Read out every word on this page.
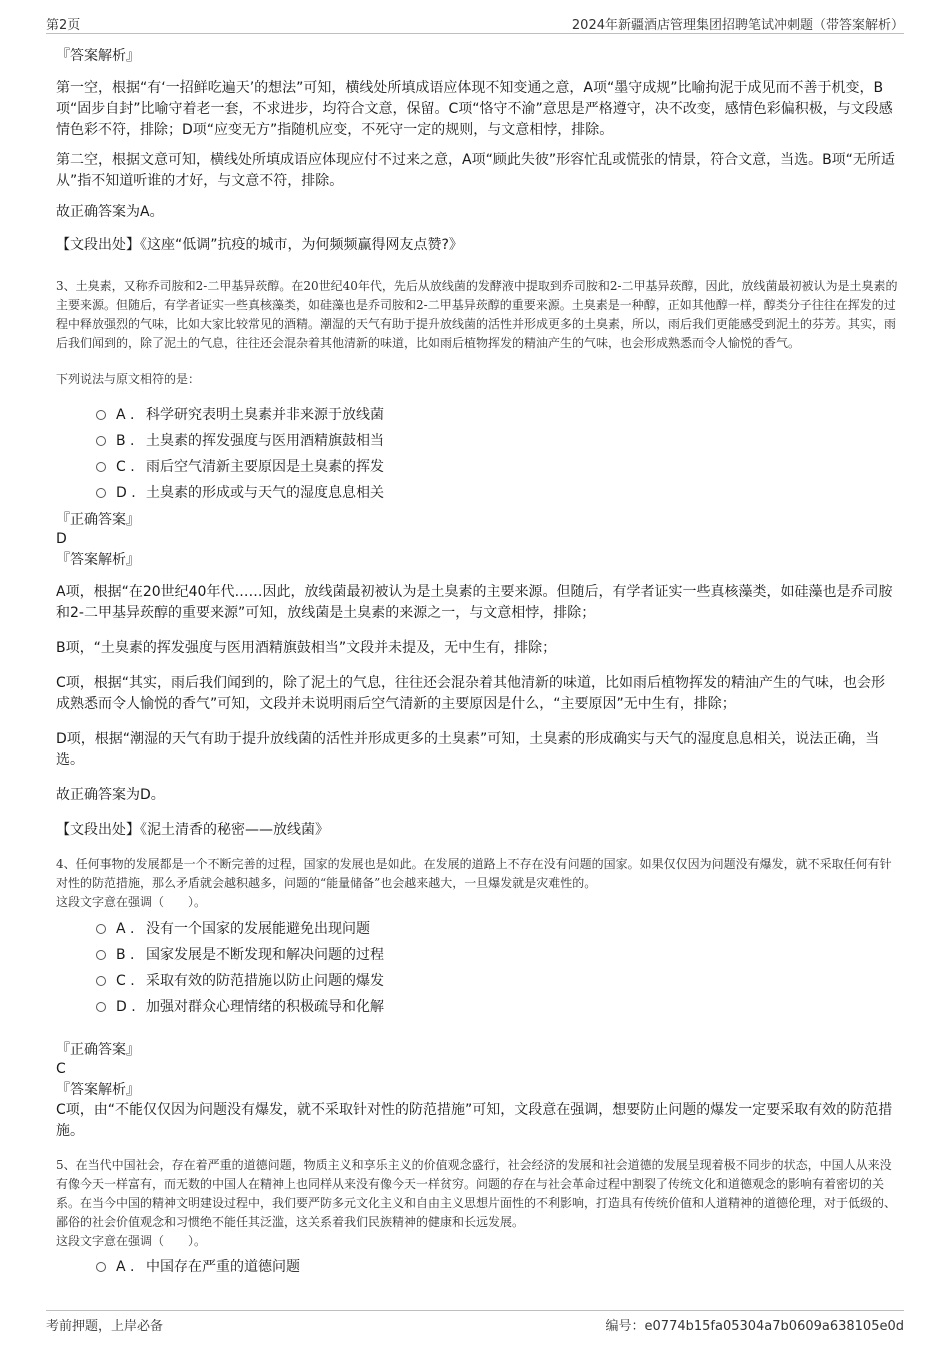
第2页	2024年新疆酒店管理集团招聘笔试冲刺题（带答案解析）
『答案解析』
第一空，根据“有‘一招鲜吃遍天’的想法”可知，横线处所填成语应体现不知变通之意，A项“墨守成规”比喻拘泥于成见而不善于机变，B项“固步自封”比喻守着老一套，不求进步，均符合文意，保留。C项“恪守不渝”意思是严格遵守，决不改变，感情色彩偏积极，与文段感情色彩不符，排除；D项“应变无方”指随机应变，不死守一定的规则，与文意相悖，排除。
第二空，根据文意可知，横线处所填成语应体现应付不过来之意，A项“顾此失彼”形容忙乱或慌张的情景，符合文意，当选。B项“无所适从”指不知道听谁的才好，与文意不符，排除。
故正确答案为A。
【文段出处】《这座“低调”抗疫的城市，为何频频赢得网友点赞?》
3、土臭素，又称乔司胺和2-二甲基异莰醇。在20世纪40年代，先后从放线菌的发酵液中提取到乔司胺和2-二甲基异莰醇，因此，放线菌最初被认为是土臭素的主要来源。但随后，有学者证实一些真核藻类，如硅藻也是乔司胺和2-二甲基异莰醇的重要来源。土臭素是一种醇，正如其他醇一样，醇类分子往往在挥发的过程中释放强烈的气味，比如大家比较常见的酒精。潮湿的天气有助于提升放线菌的活性并形成更多的土臭素，所以，雨后我们更能感受到泥土的芬芳。其实，雨后我们闻到的，除了泥土的气息，往往还会混杂着其他清新的味道，比如雨后植物挥发的精油产生的气味，也会形成熟悉而令人愉悦的香气。
下列说法与原文相符的是：
A . 科学研究表明土臭素并非来源于放线菌
B . 土臭素的挥发强度与医用酒精旗鼓相当
C . 雨后空气清新主要原因是土臭素的挥发
D . 土臭素的形成或与天气的湿度息息相关
『正确答案』
D
『答案解析』
A项，根据“在20世纪40年代……因此，放线菌最初被认为是土臭素的主要来源。但随后，有学者证实一些真核藻类，如硅藻也是乔司胺和2-二甲基异莰醇的重要来源”可知，放线菌是土臭素的来源之一，与文意相悖，排除；
B项，“土臭素的挥发强度与医用酒精旗鼓相当”文段并未提及，无中生有，排除；
C项，根据“其实，雨后我们闻到的，除了泥土的气息，往往还会混杂着其他清新的味道，比如雨后植物挥发的精油产生的气味，也会形成熟悉而令人愉悦的香气”可知，文段并未说明雨后空气清新的主要原因是什么，“主要原因”无中生有，排除；
D项，根据“潮湿的天气有助于提升放线菌的活性并形成更多的土臭素”可知，土臭素的形成确实与天气的湿度息息相关，说法正确，当选。
故正确答案为D。
【文段出处】《泥土清香的秘密——放线菌》
4、任何事物的发展都是一个不断完善的过程，国家的发展也是如此。在发展的道路上不存在没有问题的国家。如果仅仅因为问题没有爆发，就不采取任何有针对性的防范措施，那么矛盾就会越积越多，问题的“能量储备”也会越来越大，一旦爆发就是灾难性的。
这段文字意在强调（　　）。
A . 没有一个国家的发展能避免出现问题
B . 国家发展是不断发现和解决问题的过程
C . 采取有效的防范措施以防止问题的爆发
D . 加强对群众心理情绪的积极疏导和化解
『正确答案』
C
『答案解析』
C项，由“不能仅仅因为问题没有爆发，就不采取针对性的防范措施”可知，文段意在强调，想要防止问题的爆发一定要采取有效的防范措施。
5、在当代中国社会，存在着严重的道德问题，物质主义和享乐主义的价值观念盛行，社会经济的发展和社会道德的发展呈现着极不同步的状态，中国人从来没有像今天一样富有，而无数的中国人在精神上也同样从来没有像今天一样贫穷。问题的存在与社会革命过程中割裂了传统文化和道德观念的影响有着密切的关系。在当今中国的精神文明建设过程中，我们要严防多元文化主义和自由主义思想片面性的不利影响，打造具有传统价值和人道精神的道德伦理，对于低级的、鄙俗的社会价值观念和习惯绝不能任其泛滥，这关系着我们民族精神的健康和长远发展。
这段文字意在强调（　　）。
A . 中国存在严重的道德问题
考前押题，上岸必备	编号：e0774b15fa05304a7b0609a638105e0d
